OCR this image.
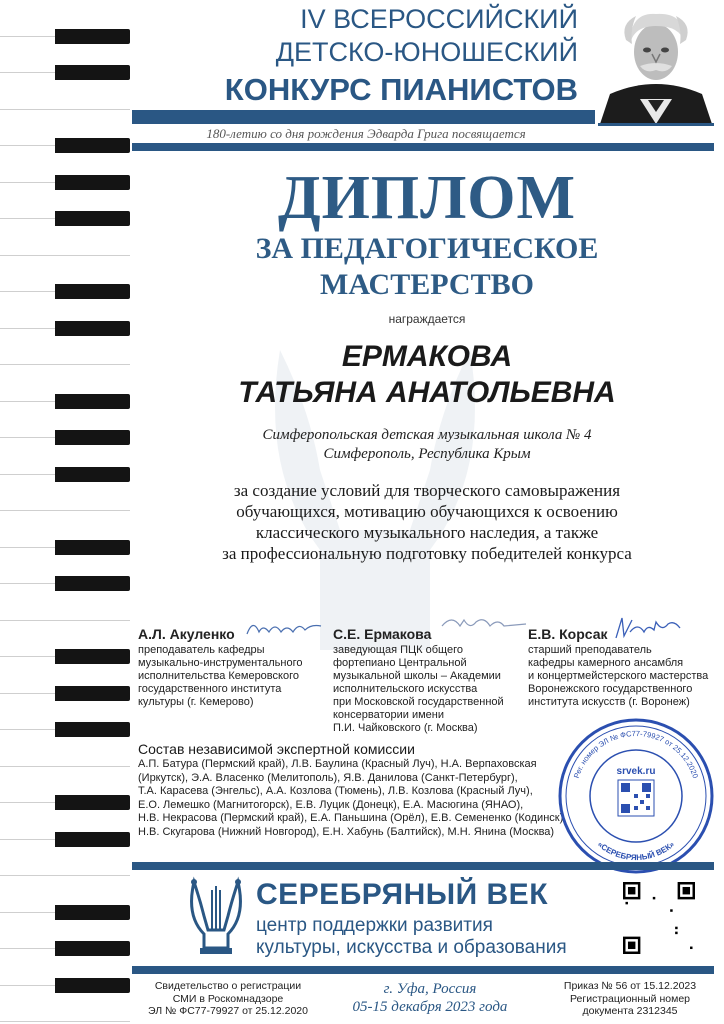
IV ВСЕРОССИЙСКИЙ
ДЕТСКО-ЮНОШЕСКИЙ
КОНКУРС ПИАНИСТОВ
180-летию со дня рождения Эдварда Грига посвящается
ДИПЛОМ
ЗА ПЕДАГОГИЧЕСКОЕ
МАСТЕРСТВО
награждается
ЕРМАКОВА
ТАТЬЯНА АНАТОЛЬЕВНА
Симферопольская детская музыкальная школа № 4
Симферополь, Республика Крым
за создание условий для творческого самовыражения
обучающихся, мотивацию обучающихся к освоению
классического музыкального наследия, а также
за профессиональную подготовку победителей конкурса
А.Л. Акуленко
преподаватель кафедры
музыкально-инструментального
исполнительства Кемеровского
государственного института
культуры (г. Кемерово)
С.Е. Ермакова
заведующая ПЦК общего
фортепиано Центральной
музыкальной школы – Академии
исполнительского искусства
при Московской государственной
консерватории имени
П.И. Чайковского (г. Москва)
Е.В. Корсак
старший преподаватель
кафедры камерного ансамбля
и концертмейстерского мастерства
Воронежского государственного
института искусств (г. Воронеж)
Состав независимой экспертной комиссии
А.П. Батура (Пермский край), Л.В. Баулина (Красный Луч), Н.А. Верпаховская
(Иркутск), Э.А. Власенко (Мелитополь), Я.В. Данилова (Санкт-Петербург),
Т.А. Карасева (Энгельс), А.А. Козлова (Тюмень), Л.В. Козлова (Красный Луч),
Е.О. Лемешко (Магнитогорск), Е.В. Луцик (Донецк), Е.А. Масюгина (ЯНАО),
Н.В. Некрасова (Пермский край), Е.А. Паньшина (Орёл), Е.В. Семененко (Кодинск),
Н.В. Скугарова (Нижний Новгород), Е.Н. Хабунь (Балтийск), М.Н. Янина (Москва)
Рег. номер ЭЛ № ФС77-79927 от 25.12.2020
«СЕРЕБРЯНЫЙ ВЕК»
srvek.ru
СЕРЕБРЯНЫЙ ВЕК
центр поддержки развития
культуры, искусства и образования
Свидетельство о регистрации
СМИ в Роскомнадзоре
ЭЛ № ФС77-79927 от 25.12.2020
г. Уфа, Россия
05-15 декабря 2023 года
Приказ № 56 от 15.12.2023
Регистрационный номер
документа 2312345
